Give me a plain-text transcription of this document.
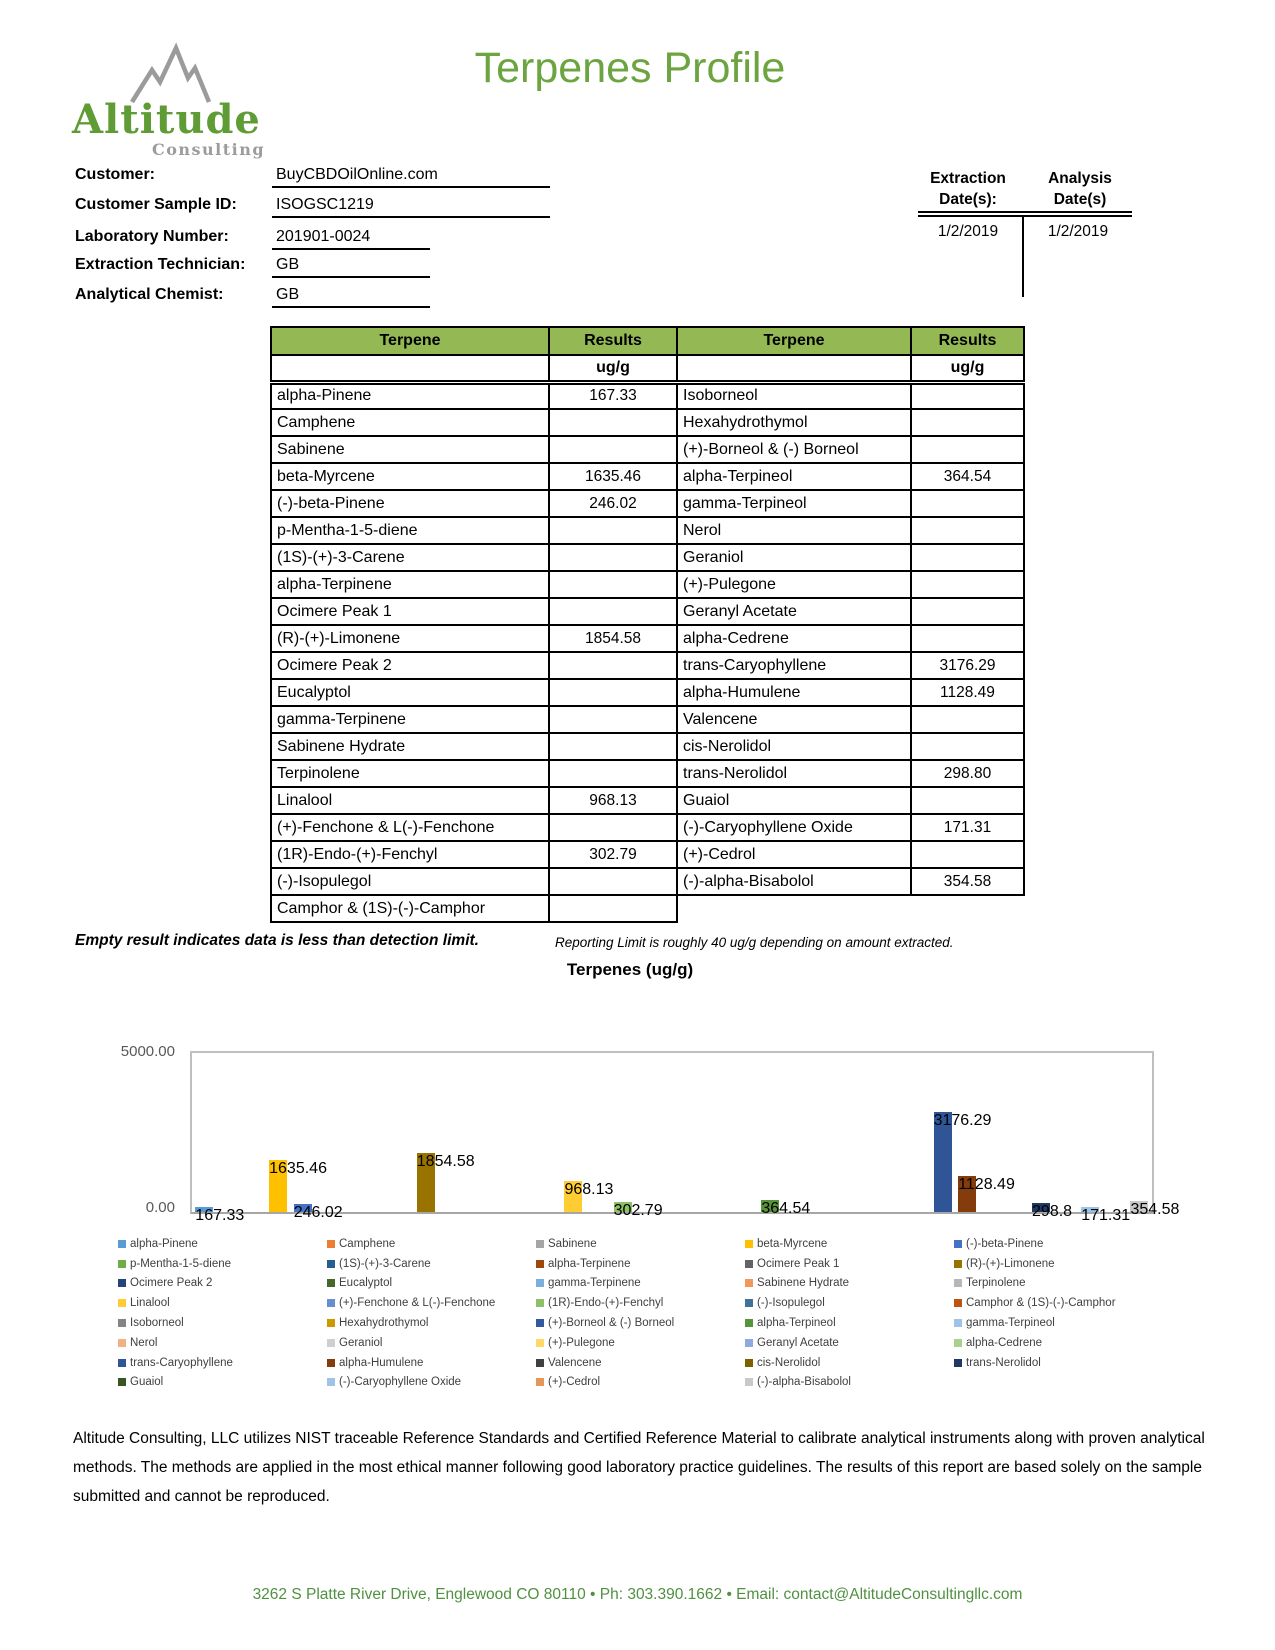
Altitude
Consulting
Terpenes Profile
Customer:	BuyCBDOilOnline.com
Customer Sample ID: ISOGSC1219
Laboratory Number:	201901-0024
Extraction Technician: GB
Analytical Chemist:	GB
Extraction
Date(s):
Analysis
Date(s)
1/2/2019	1/2/2019
Terpene	Results	Terpene	Results
	ug/g		ug/g
alpha-Pinene	167.33	Isoborneol	
Camphene		Hexahydrothymol	
Sabinene		(+)-Borneol & (-) Borneol	
beta-Myrcene	1635.46	alpha-Terpineol	364.54
(-)-beta-Pinene	246.02	gamma-Terpineol	
p-Mentha-1-5-diene		Nerol	
(1S)-(+)-3-Carene		Geraniol	
alpha-Terpinene		(+)-Pulegone	
Ocimere Peak 1		Geranyl Acetate	
(R)-(+)-Limonene	1854.58	alpha-Cedrene	
Ocimere Peak 2		trans-Caryophyllene	3176.29
Eucalyptol		alpha-Humulene	1128.49
gamma-Terpinene		Valencene	
Sabinene Hydrate		cis-Nerolidol	
Terpinolene		trans-Nerolidol	298.80
Linalool	968.13	Guaiol	
(+)-Fenchone & L(-)-Fenchone		(-)-Caryophyllene Oxide	171.31
(1R)-Endo-(+)-Fenchyl	302.79	(+)-Cedrol	
(-)-Isopulegol		(-)-alpha-Bisabolol	354.58
Camphor & (1S)-(-)-Camphor			
Empty result indicates data is less than detection limit.	Reporting Limit is roughly 40 ug/g depending on amount extracted.
Terpenes (ug/g)
5000.00
0.00 167.33
1635.46
246.02
1854.58
968.13
302.79	364.54
3176.29
1128.49
298.8 171.31 354.58
alpha-Pinene	Camphene	Sabinene	beta-Myrcene	(-)-beta-Pinene
p-Mentha-1-5-diene	(1S)-(+)-3-Carene	alpha-Terpinene	Ocimere Peak 1	(R)-(+)-Limonene
Ocimere Peak 2	Eucalyptol	gamma-Terpinene	Sabinene Hydrate	Terpinolene
Linalool	(+)-Fenchone & L(-)-Fenchone	(1R)-Endo-(+)-Fenchyl	(-)-Isopulegol	Camphor & (1S)-(-)-Camphor
Isoborneol	Hexahydrothymol	(+)-Borneol & (-) Borneol	alpha-Terpineol	gamma-Terpineol
Nerol	Geraniol	(+)-Pulegone	Geranyl Acetate	alpha-Cedrene
trans-Caryophyllene	alpha-Humulene	Valencene	cis-Nerolidol	trans-Nerolidol
Guaiol	(-)-Caryophyllene Oxide	(+)-Cedrol	(-)-alpha-Bisabolol
Altitude Consulting, LLC utilizes NIST traceable Reference Standards and Certified Reference Material to calibrate analytical instruments along with proven analytical methods. The methods are applied in the most ethical manner following good laboratory practice guidelines. The results of this report are based solely on the sample submitted and cannot be reproduced.
3262 S Platte River Drive, Englewood CO 80110 • Ph: 303.390.1662 • Email: contact@AltitudeConsultingllc.com
